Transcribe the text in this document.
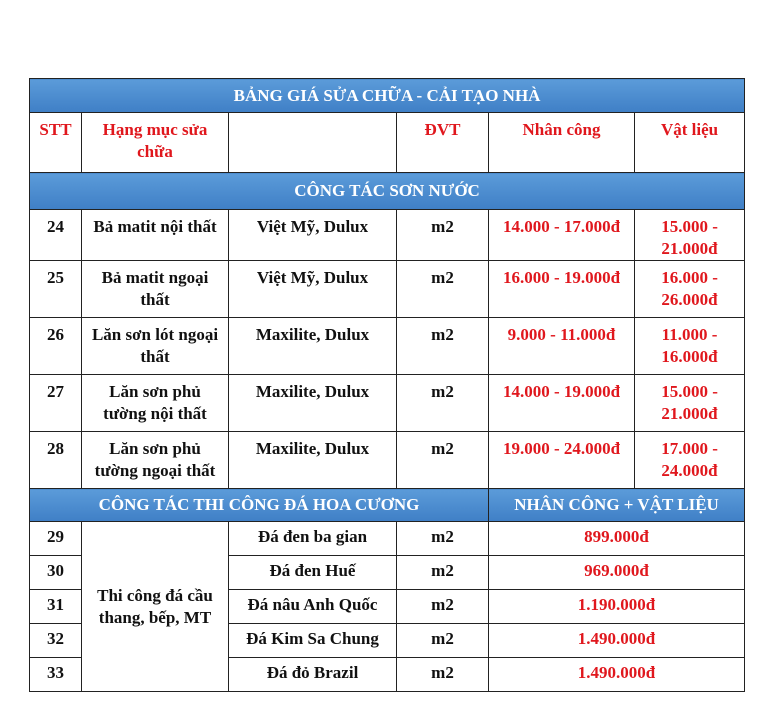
BẢNG GIÁ SỬA CHỮA - CẢI TẠO NHÀ					
STT	Hạng mục sửa chữa		ĐVT	Nhân công	Vật liệu
CÔNG TÁC SƠN NƯỚC					
24	Bả matit nội thất	Việt Mỹ, Dulux	m2	14.000 - 17.000đ	15.000 - 21.000đ
25	Bả matit ngoại thất	Việt Mỹ, Dulux	m2	16.000 - 19.000đ	16.000 - 26.000đ
26	Lăn sơn lót ngoại thất	Maxilite, Dulux	m2	9.000 - 11.000đ	11.000 - 16.000đ
27	Lăn sơn phủ tường nội thất	Maxilite, Dulux	m2	14.000 - 19.000đ	15.000 - 21.000đ
28	Lăn sơn phủ tường ngoại thất	Maxilite, Dulux	m2	19.000 - 24.000đ	17.000 - 24.000đ
CÔNG TÁC THI CÔNG ĐÁ HOA CƯƠNG				NHÂN CÔNG + VẬT LIỆU	
29	Thi công đá cầu thang, bếp, MT	Đá đen ba gian	m2	899.000đ	
30		Đá đen Huế	m2	969.000đ	
31		Đá nâu Anh Quốc	m2	1.190.000đ	
32		Đá Kim Sa Chung	m2	1.490.000đ	
33		Đá đỏ Brazil	m2	1.490.000đ	
